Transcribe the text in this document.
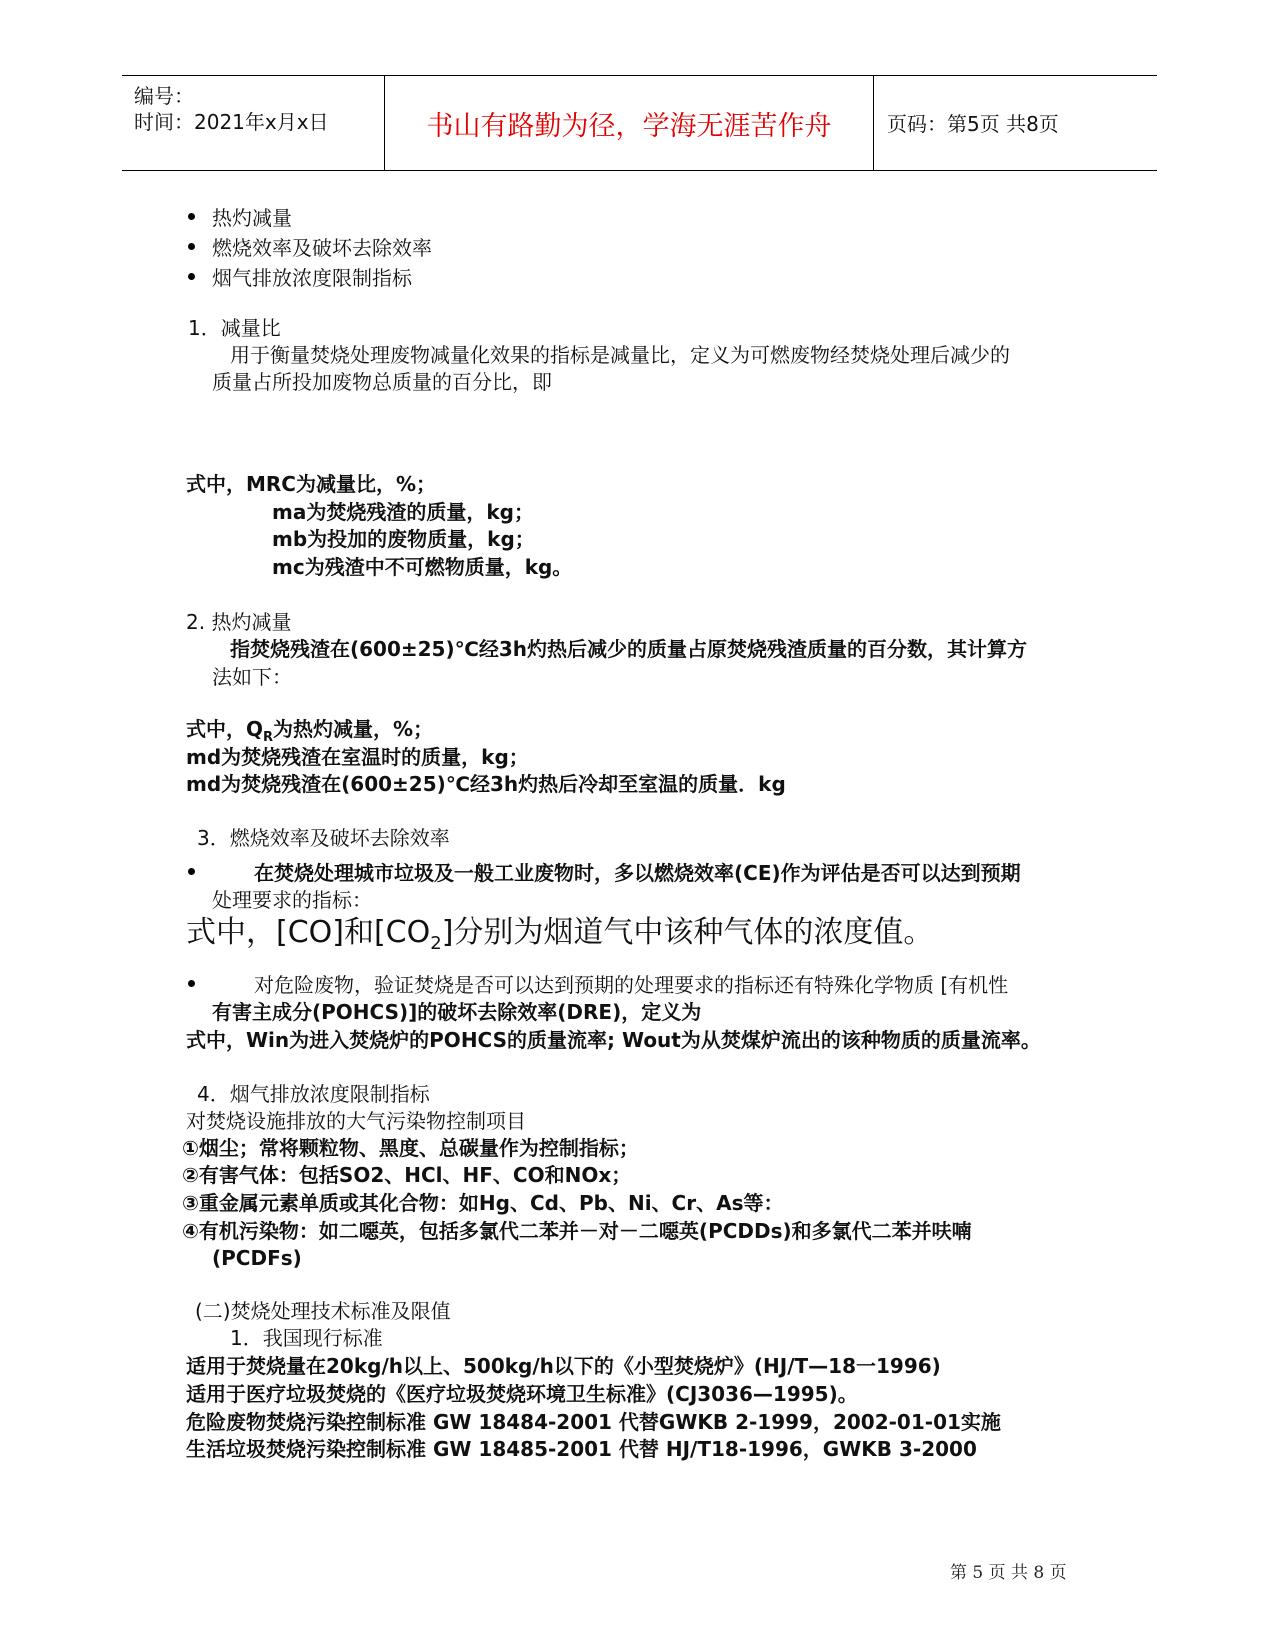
编号：
时间：2021年x月x日	书山有路勤为径，学海无涯苦作舟	页码：第5页 共8页
热灼减量
燃烧效率及破坏去除效率
烟气排放浓度限制指标
1．减量比
用于衡量焚烧处理废物减量化效果的指标是减量比，定义为可燃废物经焚烧处理后减少的
质量占所投加废物总质量的百分比，即
式中，MRC为减量比，%；
ma为焚烧残渣的质量，kg；
mb为投加的废物质量，kg；
mc为残渣中不可燃物质量，kg。
2. 热灼减量
指焚烧残渣在(600±25)℃经3h灼热后减少的质量占原焚烧残渣质量的百分数，其计算方
法如下：
式中，$Q_R$为热灼减量，%；
md为焚烧残渣在室温时的质量，kg；
md为焚烧残渣在(600±25)℃经3h灼热后冷却至室温的质量．kg
3．燃烧效率及破坏去除效率
在焚烧处理城市垃圾及一般工业废物时，多以燃烧效率(CE)作为评估是否可以达到预期
处理要求的指标：
式中，[CO]和$[CO_2]$分别为烟道气中该种气体的浓度值。
对危险废物，验证焚烧是否可以达到预期的处理要求的指标还有特殊化学物质 [有机性
有害主成分(POHCS)]的破坏去除效率(DRE)，定义为
式中，Win为进入焚烧炉的POHCS的质量流率; Wout为从焚煤炉流出的该种物质的质量流率。
4．烟气排放浓度限制指标
对焚烧设施排放的大气污染物控制项目
①烟尘；常将颗粒物、黑度、总碳量作为控制指标；
②有害气体：包括SO2、HCl、HF、CO和NOx；
③重金属元素单质或其化合物：如Hg、Cd、Pb、Ni、Cr、As等：
④有机污染物：如二噁英，包括多氯代二苯并－对－二噁英(PCDDs)和多氯代二苯并呋喃
(PCDFs)
(二)焚烧处理技术标准及限值
1．我国现行标准
适用于焚烧量在20kg/h以上、500kg/h以下的《小型焚烧炉》(HJ/T—18一1996)
适用于医疗垃圾焚烧的《医疗垃圾焚烧环境卫生标准》(CJ3036—1995)。
危险废物焚烧污染控制标准 GW 18484-2001 代替GWKB 2-1999，2002-01-01实施
生活垃圾焚烧污染控制标准 GW 18485-2001 代替 HJ/T18-1996，GWKB 3-2000
第 5 页 共 8 页
